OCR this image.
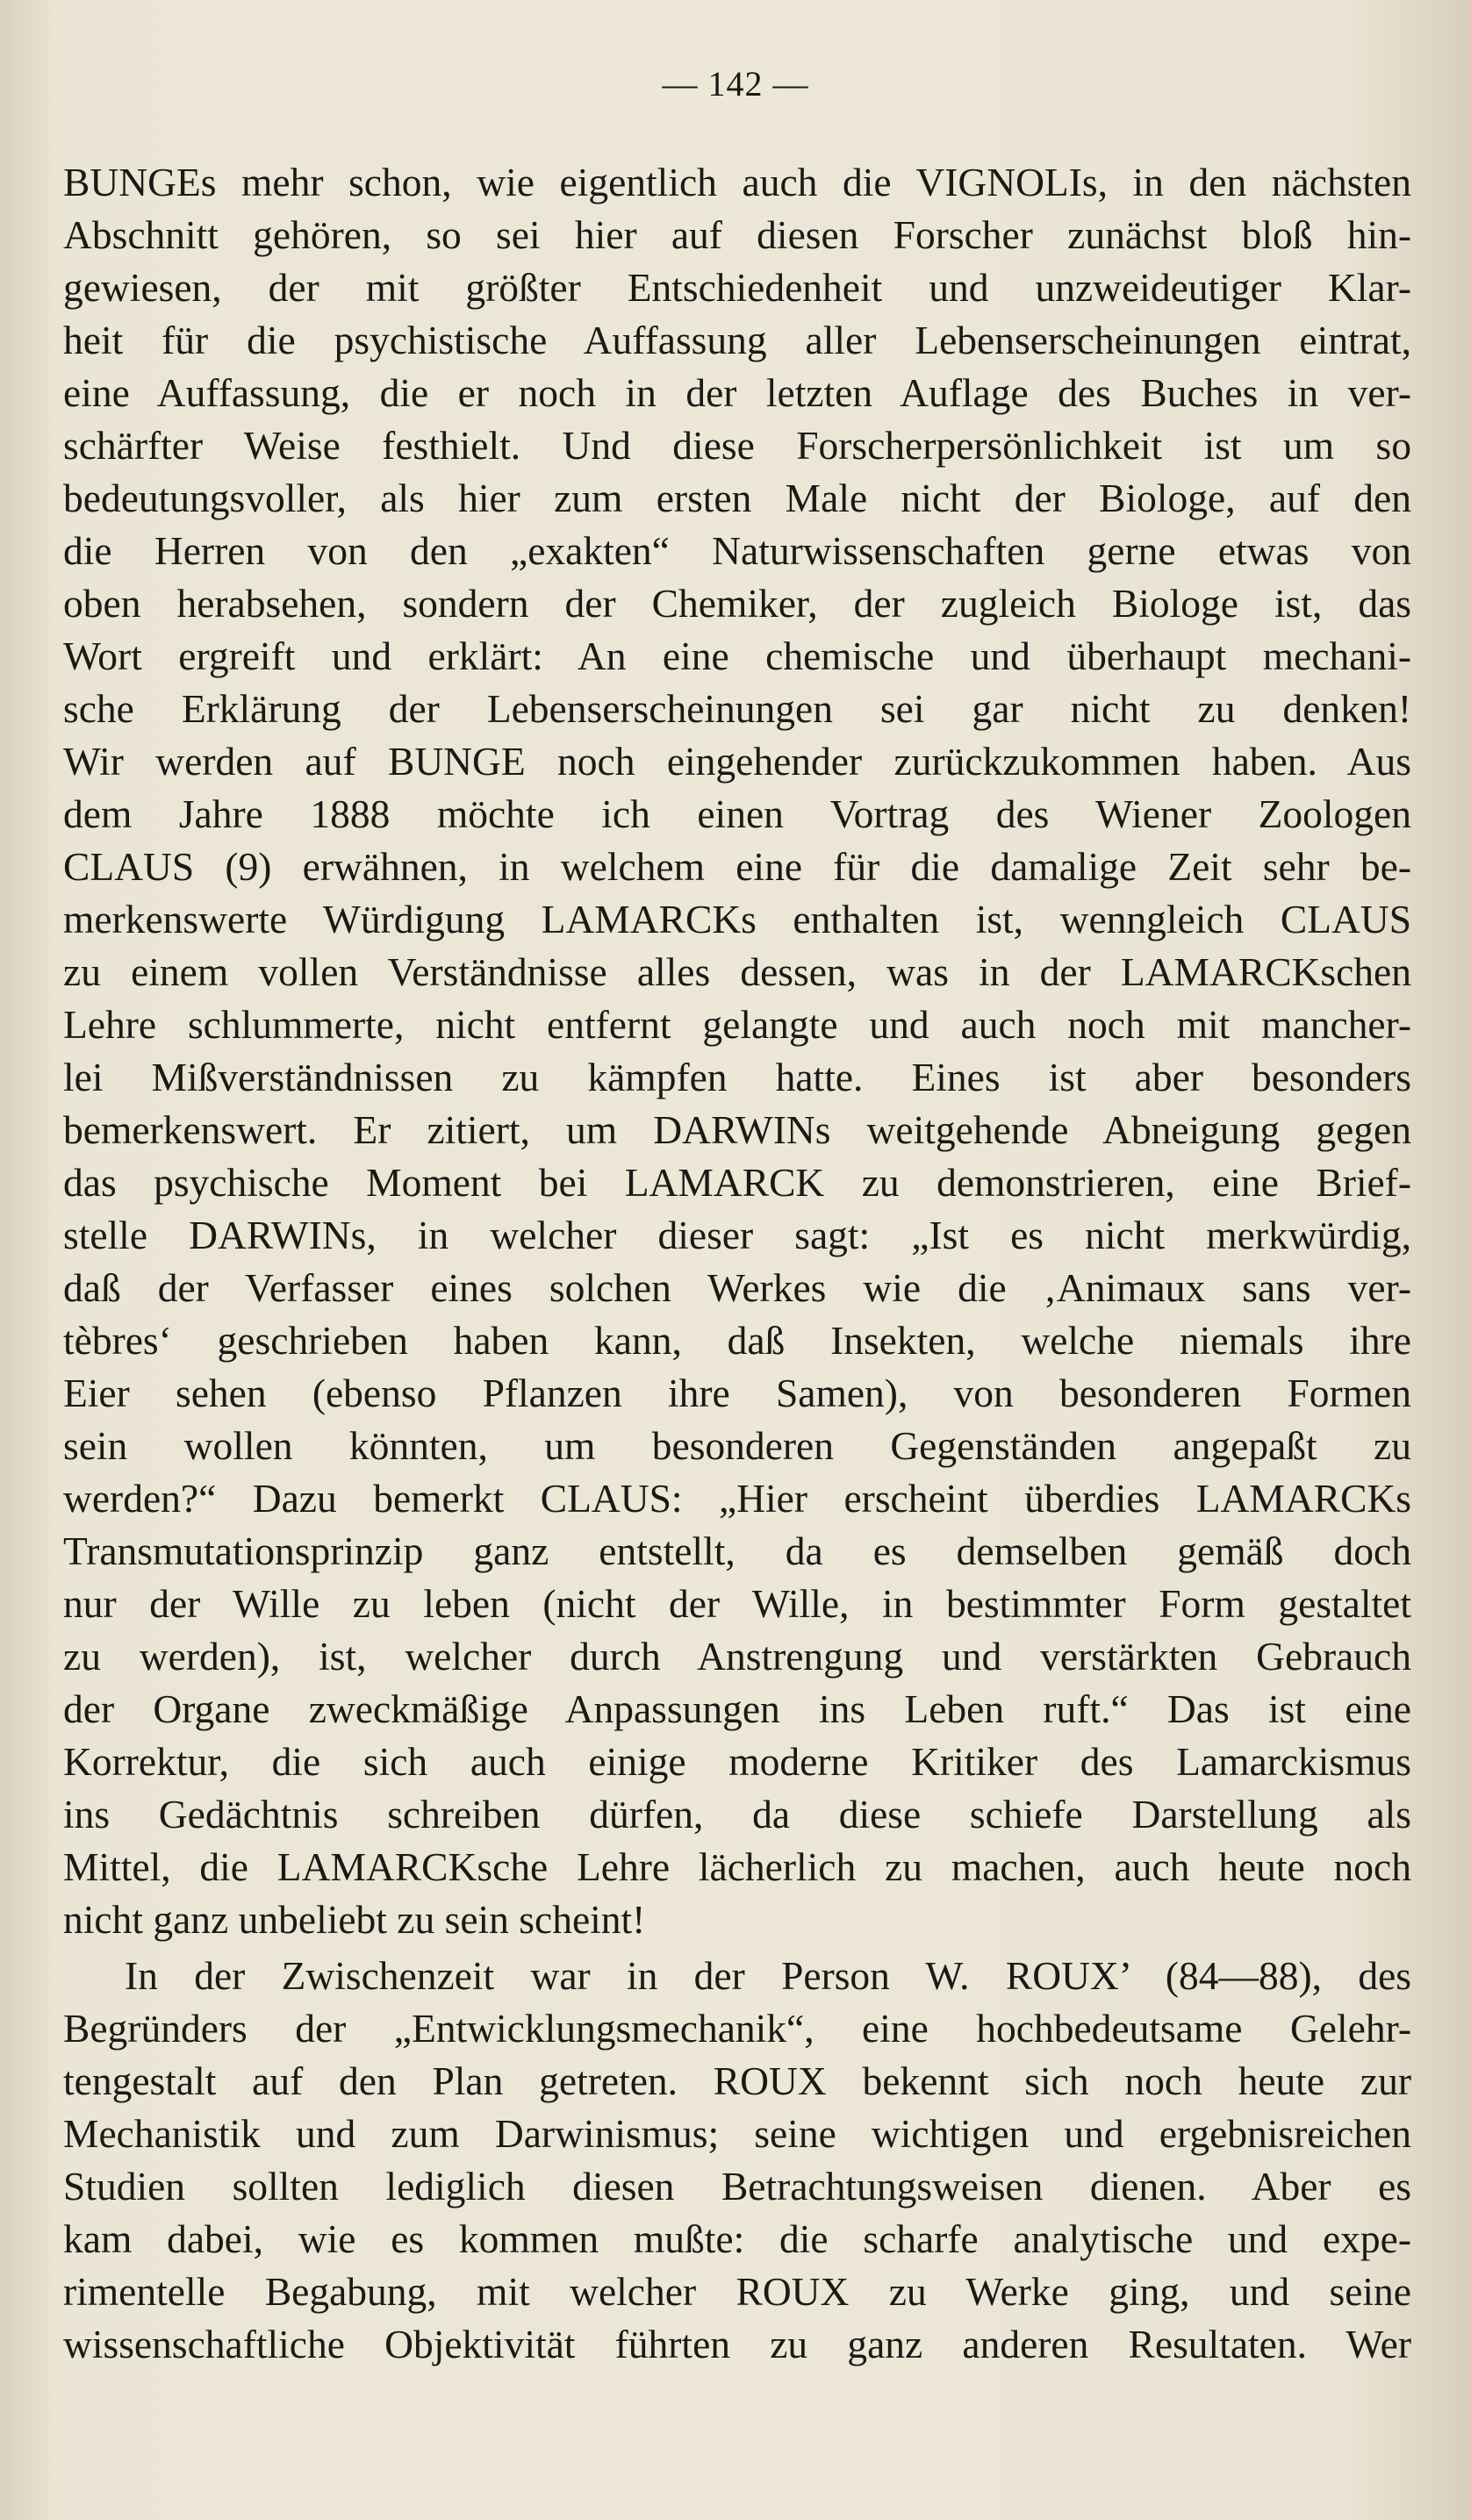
— 142 —
BUNGEs mehr schon, wie eigentlich auch die VIGNOLIs, in den nächsten
Abschnitt gehören, so sei hier auf diesen Forscher zunächst bloß hin-
gewiesen, der mit größter Entschiedenheit und unzweideutiger Klar-
heit für die psychistische Auffassung aller Lebenserscheinungen eintrat,
eine Auffassung, die er noch in der letzten Auflage des Buches in ver-
schärfter Weise festhielt. Und diese Forscherpersönlichkeit ist um so
bedeutungsvoller, als hier zum ersten Male nicht der Biologe, auf den
die Herren von den „exakten“ Naturwissenschaften gerne etwas von
oben herabsehen, sondern der Chemiker, der zugleich Biologe ist, das
Wort ergreift und erklärt: An eine chemische und überhaupt mechani-
sche Erklärung der Lebenserscheinungen sei gar nicht zu denken!
Wir werden auf BUNGE noch eingehender zurückzukommen haben. Aus
dem Jahre 1888 möchte ich einen Vortrag des Wiener Zoologen
CLAUS (9) erwähnen, in welchem eine für die damalige Zeit sehr be-
merkenswerte Würdigung LAMARCKs enthalten ist, wenngleich CLAUS
zu einem vollen Verständnisse alles dessen, was in der LAMARCKschen
Lehre schlummerte, nicht entfernt gelangte und auch noch mit mancher-
lei Mißverständnissen zu kämpfen hatte. Eines ist aber besonders
bemerkenswert. Er zitiert, um DARWINs weitgehende Abneigung gegen
das psychische Moment bei LAMARCK zu demonstrieren, eine Brief-
stelle DARWINs, in welcher dieser sagt: „Ist es nicht merkwürdig,
daß der Verfasser eines solchen Werkes wie die ‚Animaux sans ver-
tèbres‘ geschrieben haben kann, daß Insekten, welche niemals ihre
Eier sehen (ebenso Pflanzen ihre Samen), von besonderen Formen
sein wollen könnten, um besonderen Gegenständen angepaßt zu
werden?“ Dazu bemerkt CLAUS: „Hier erscheint überdies LAMARCKs
Transmutationsprinzip ganz entstellt, da es demselben gemäß doch
nur der Wille zu leben (nicht der Wille, in bestimmter Form gestaltet
zu werden), ist, welcher durch Anstrengung und verstärkten Gebrauch
der Organe zweckmäßige Anpassungen ins Leben ruft.“ Das ist eine
Korrektur, die sich auch einige moderne Kritiker des Lamarckismus
ins Gedächtnis schreiben dürfen, da diese schiefe Darstellung als
Mittel, die LAMARCKsche Lehre lächerlich zu machen, auch heute noch
nicht ganz unbeliebt zu sein scheint!
In der Zwischenzeit war in der Person W. ROUX’ (84—88), des
Begründers der „Entwicklungsmechanik“, eine hochbedeutsame Gelehr-
tengestalt auf den Plan getreten. ROUX bekennt sich noch heute zur
Mechanistik und zum Darwinismus; seine wichtigen und ergebnisreichen
Studien sollten lediglich diesen Betrachtungsweisen dienen. Aber es
kam dabei, wie es kommen mußte: die scharfe analytische und expe-
rimentelle Begabung, mit welcher ROUX zu Werke ging, und seine
wissenschaftliche Objektivität führten zu ganz anderen Resultaten. Wer
